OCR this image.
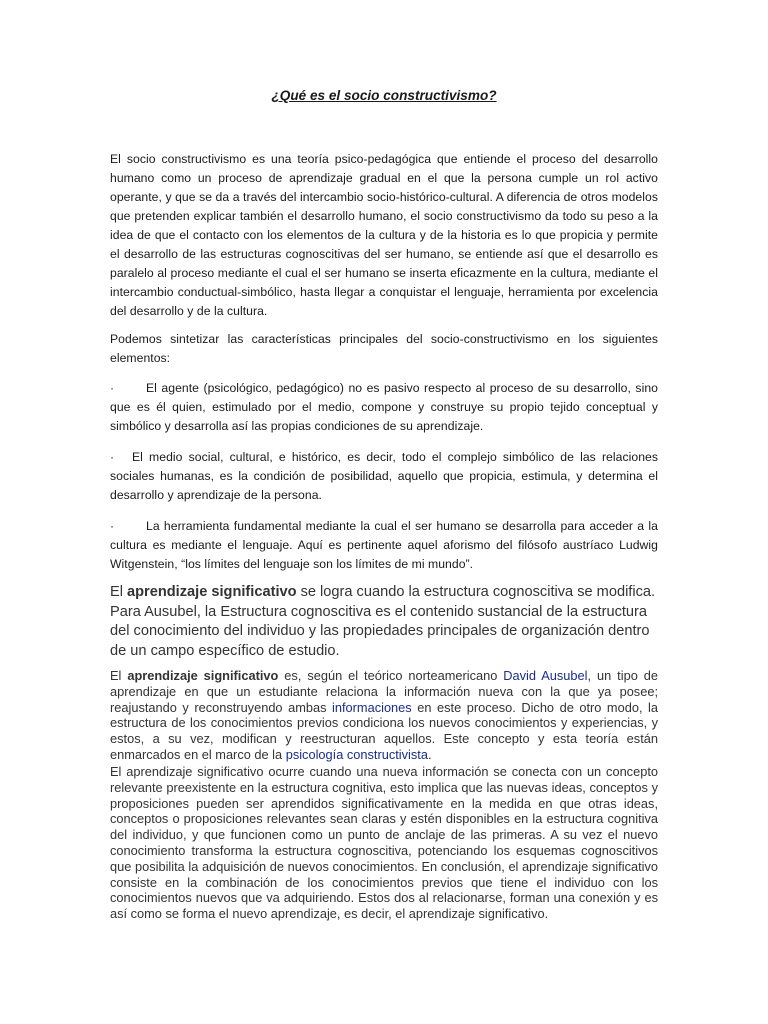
¿Qué es el socio constructivismo?

El socio constructivismo es una teoría psico-pedagógica que entiende el proceso del desarrollo humano como un proceso de aprendizaje gradual en el que la persona cumple un rol activo operante, y que se da a través del intercambio socio-histórico-cultural. A diferencia de otros modelos que pretenden explicar también el desarrollo humano, el socio constructivismo da todo su peso a la idea de que el contacto con los elementos de la cultura y de la historia es lo que propicia y permite el desarrollo de las estructuras cognoscitivas del ser humano, se entiende así que el desarrollo es paralelo al proceso mediante el cual el ser humano se inserta eficazmente en la cultura, mediante el intercambio conductual-simbólico, hasta llegar a conquistar el lenguaje, herramienta por excelencia del desarrollo y de la cultura.

Podemos sintetizar las características principales del socio-constructivismo en los siguientes elementos:

·	El agente (psicológico, pedagógico) no es pasivo respecto al proceso de su desarrollo, sino que es él quien, estimulado por el medio, compone y construye su propio tejido conceptual y simbólico y desarrolla así las propias condiciones de su aprendizaje.

· El medio social, cultural, e histórico, es decir, todo el complejo simbólico de las relaciones sociales humanas, es la condición de posibilidad, aquello que propicia, estimula, y determina el desarrollo y aprendizaje de la persona.

·	La herramienta fundamental mediante la cual el ser humano se desarrolla para acceder a la cultura es mediante el lenguaje. Aquí es pertinente aquel aforismo del filósofo austríaco Ludwig Witgenstein, “los límites del lenguaje son los límites de mi mundo”.

El aprendizaje significativo se logra cuando la estructura cognoscitiva se modifica. Para Ausubel, la Estructura cognoscitiva es el contenido sustancial de la estructura del conocimiento del individuo y las propiedades principales de organización dentro de un campo específico de estudio.

El aprendizaje significativo es, según el teórico norteamericano David Ausubel, un tipo de aprendizaje en que un estudiante relaciona la información nueva con la que ya posee; reajustando y reconstruyendo ambas informaciones en este proceso. Dicho de otro modo, la estructura de los conocimientos previos condiciona los nuevos conocimientos y experiencias, y estos, a su vez, modifican y reestructuran aquellos. Este concepto y esta teoría están enmarcados en el marco de la psicología constructivista.

El aprendizaje significativo ocurre cuando una nueva información se conecta con un concepto relevante preexistente en la estructura cognitiva, esto implica que las nuevas ideas, conceptos y proposiciones pueden ser aprendidos significativamente en la medida en que otras ideas, conceptos o proposiciones relevantes sean claras y estén disponibles en la estructura cognitiva del individuo, y que funcionen como un punto de anclaje de las primeras. A su vez el nuevo conocimiento transforma la estructura cognoscitiva, potenciando los esquemas cognoscitivos que posibilita la adquisición de nuevos conocimientos. En conclusión, el aprendizaje significativo consiste en la combinación de los conocimientos previos que tiene el individuo con los conocimientos nuevos que va adquiriendo. Estos dos al relacionarse, forman una conexión y es así como se forma el nuevo aprendizaje, es decir, el aprendizaje significativo.
